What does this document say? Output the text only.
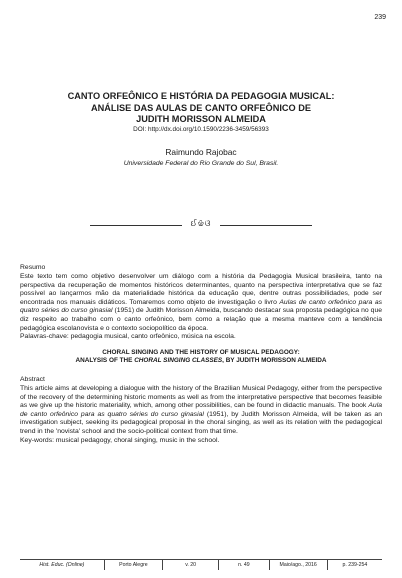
239
CANTO ORFEÔNICO E HISTÓRIA DA PEDAGOGIA MUSICAL:
ANÁLISE DAS AULAS DE CANTO ORFEÔNICO DE
JUDITH MORISSON ALMEIDA
DOI: http://dx.doi.org/10.1590/2236-3459/56393
Raimundo Rajobac
Universidade Federal do Rio Grande do Sul, Brasil.
ઈ♧ଓ
Resumo
Este texto tem como objetivo desenvolver um diálogo com a história da Pedagogia Musical brasileira, tanto na perspectiva da recuperação de momentos históricos determinantes, quanto na perspectiva interpretativa que se faz possível ao lançarmos mão da materialidade histórica da educação que, dentre outras possibilidades, pode ser encontrada nos manuais didáticos. Tomaremos como objeto de investigação o livro Aulas de canto orfeônico para as quatro séries do curso ginasial (1951) de Judith Morisson Almeida, buscando destacar sua proposta pedagógica no que diz respeito ao trabalho com o canto orfeônico, bem como a relação que a mesma manteve com a tendência pedagógica escolanovista e o contexto sociopolítico da época.
Palavras-chave: pedagogia musical, canto orfeônico, música na escola.
CHORAL SINGING AND THE HISTORY OF MUSICAL PEDAGOGY:
ANALYSIS OF THE CHORAL SINGING CLASSES, BY JUDITH MORISSON ALMEIDA
Abstract
This article aims at developing a dialogue with the history of the Brazilian Musical Pedagogy, either from the perspective of the recovery of the determining historic moments as well as from the interpretative perspective that becomes feasible as we give up the historic materiality, which, among other possibilities, can be found in didactic manuals. The book Aula de canto orfeônico para as quatro séries do curso ginasial (1951), by Judith Morisson Almeida, will be taken as an investigation subject, seeking its pedagogical proposal in the choral singing, as well as its relation with the pedagogical trend in the 'novista' school and the socio-political context from that time.
Key-words: musical pedagogy, choral singing, music in the school.
Hist. Educ. (Online)	Porto Alegre	v. 20	n. 49	Maio/ago., 2016	p. 239-254
